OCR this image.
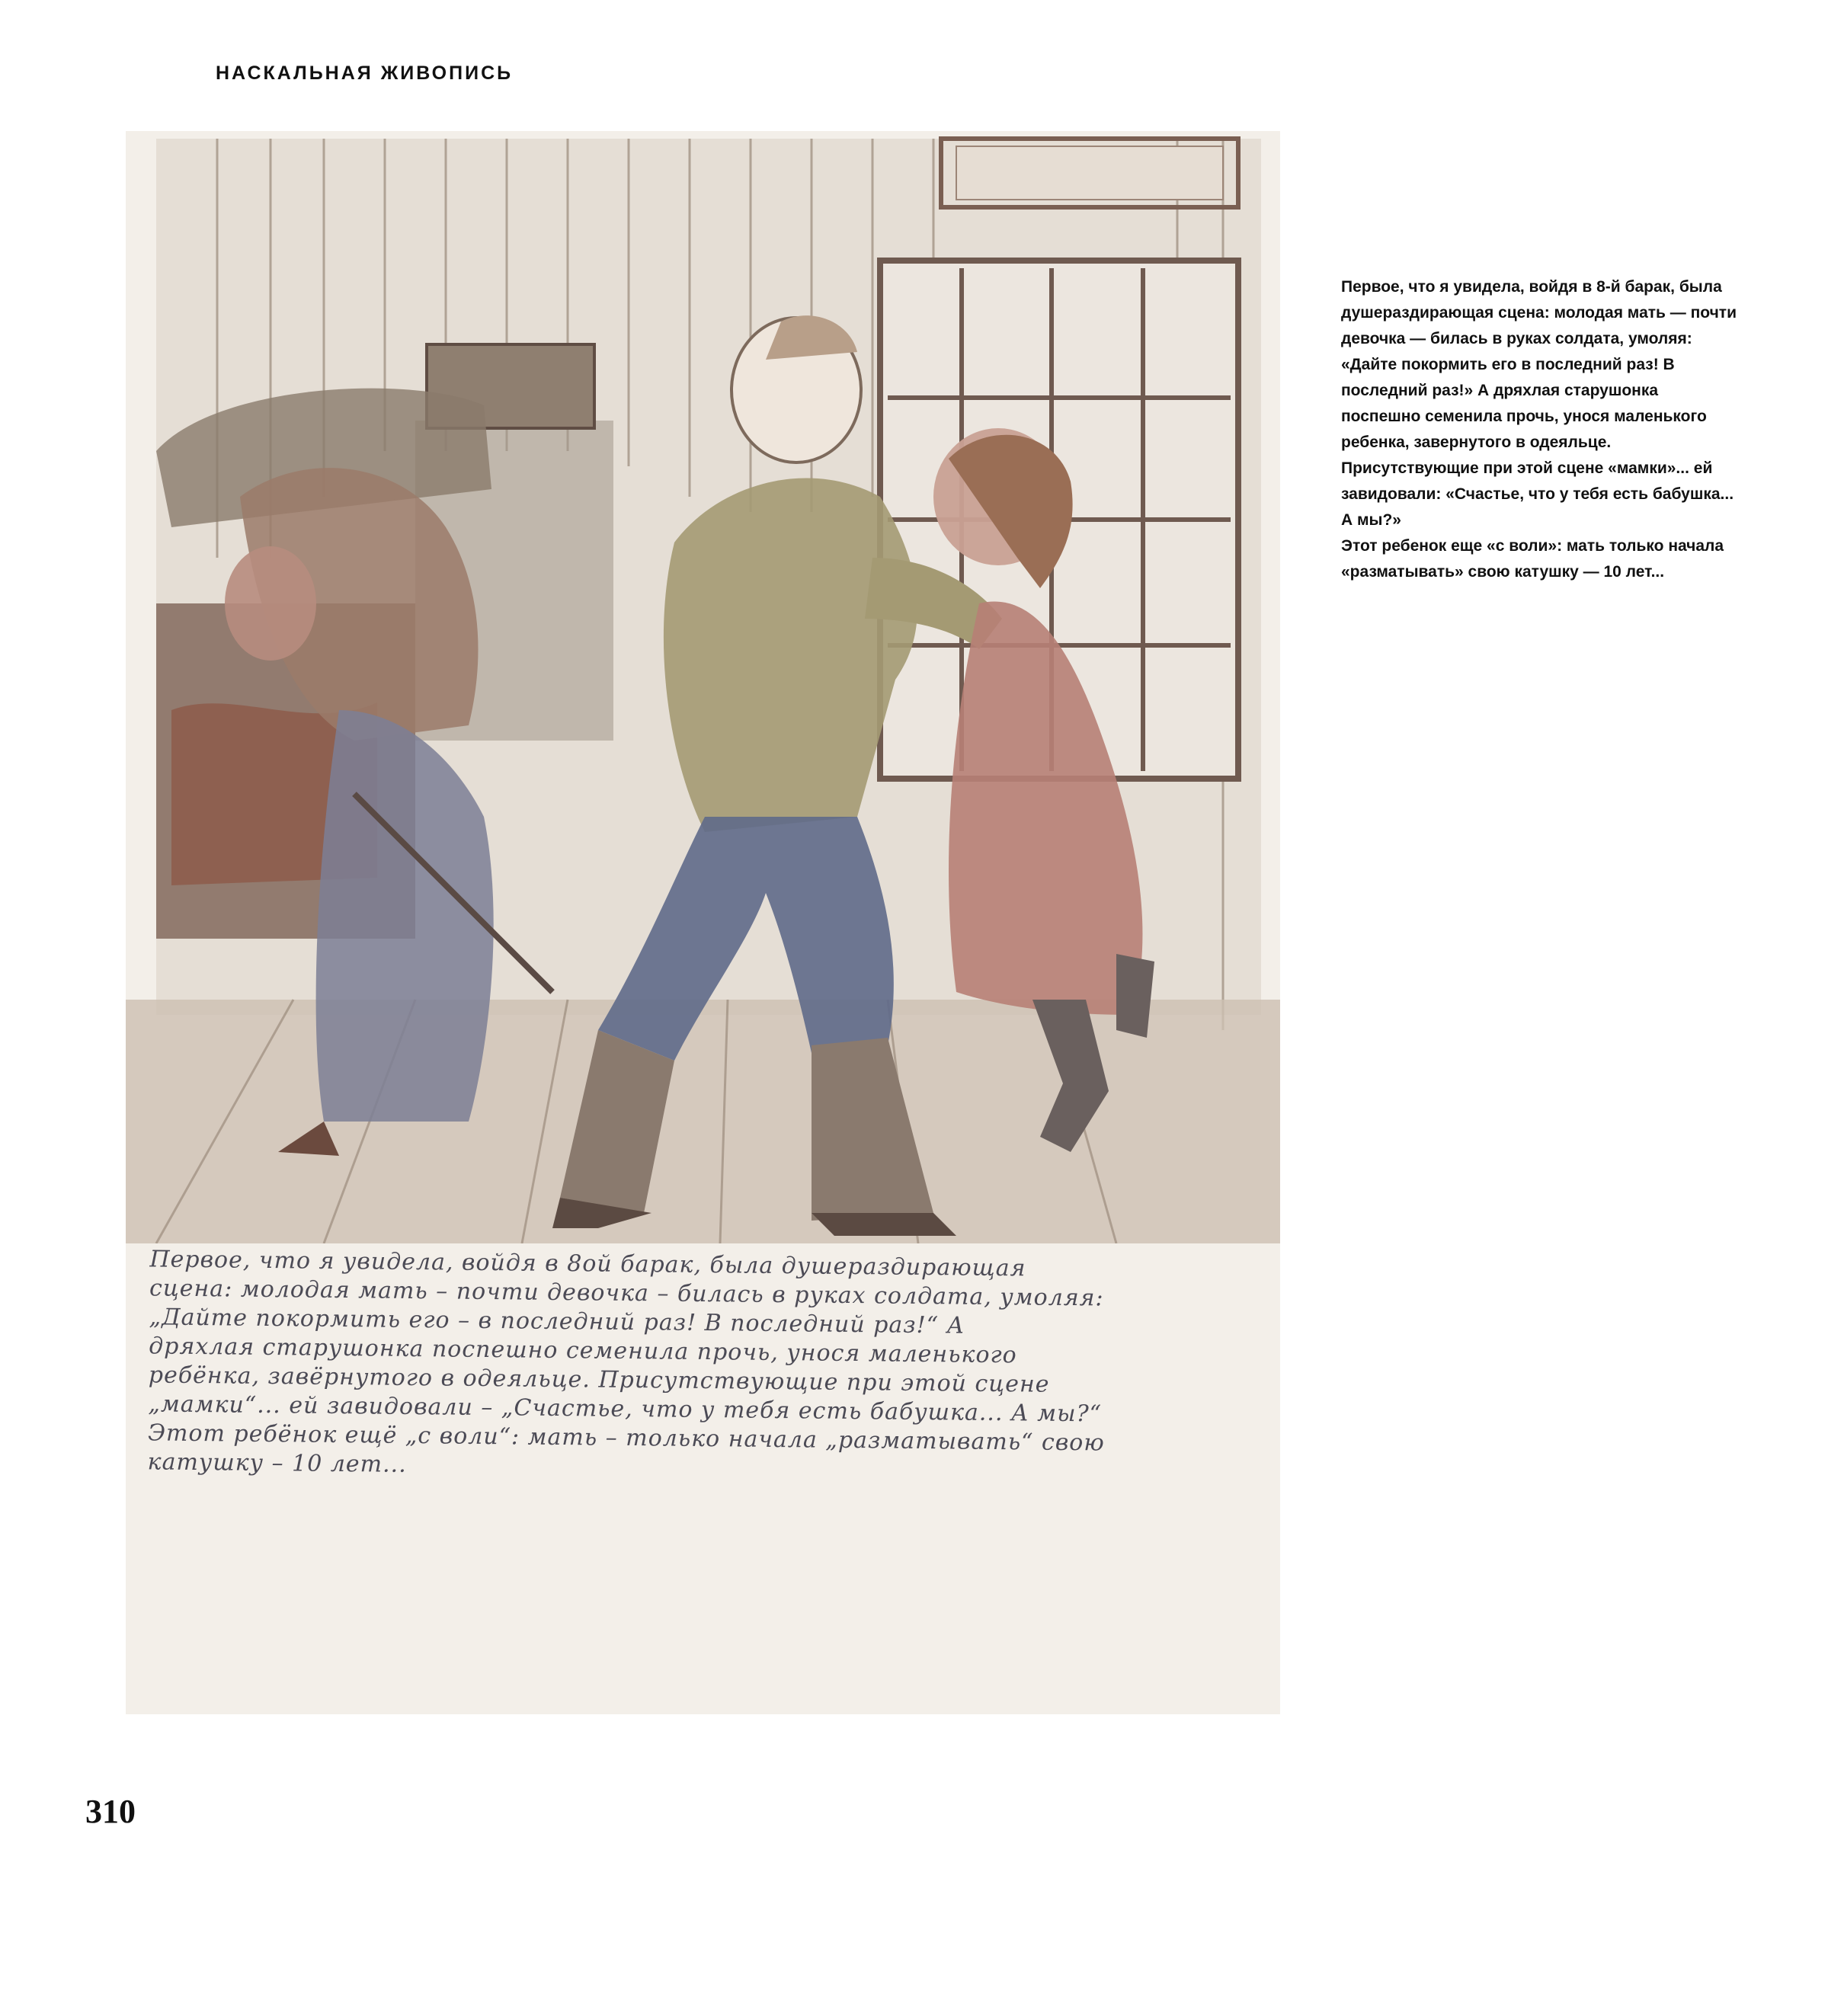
НАСКАЛЬНАЯ ЖИВОПИСЬ

Первое, что я увидела, войдя в 8ой барак, была душераздирающая

сцена: молодая мать – почти девочка – билась в руках солдата, умоляя:

„Дайте покормить его – в последний раз! В последний раз!“ А

дряхлая старушонка поспешно семенила прочь, унося маленького

ребёнка, завёрнутого в одеяльце. Присутствующие при этой сцене

„мамки“... ей завидовали – „Счастье, что у тебя есть бабушка... А мы?“

Этот ребёнок ещё „с воли“: мать – только начала „разматывать“ свою

катушку – 10 лет...

Первое, что я увидела, войдя в 8-й барак, была душераздирающая сцена: молодая мать — почти девочка — билась в руках солдата, умоляя: «Дайте покормить его в последний раз! В последний раз!» А дряхлая старушонка поспешно семенила прочь, унося маленького ребенка, завернутого в одеяльце. Присутствующие при этой сцене «мамки»... ей завидовали: «Счастье, что у тебя есть бабушка... А мы?»

Этот ребенок еще «с воли»: мать только начала «разматывать» свою катушку — 10 лет...

310
